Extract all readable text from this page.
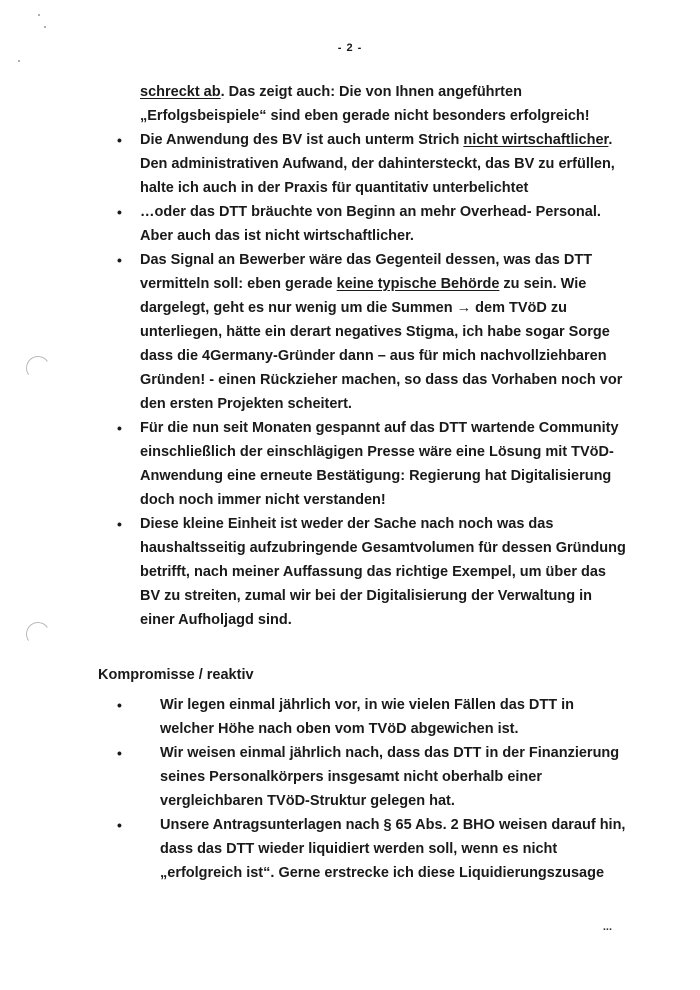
- 2 -
schreckt ab. Das zeigt auch: Die von Ihnen angeführten
„Erfolgsbeispiele“ sind eben gerade nicht besonders erfolgreich!
• Die Anwendung des BV ist auch unterm Strich nicht wirtschaftlicher.
Den administrativen Aufwand, der dahintersteckt, das BV zu erfüllen,
halte ich auch in der Praxis für quantitativ unterbelichtet
• …oder das DTT bräuchte von Beginn an mehr Overhead- Personal.
Aber auch das ist nicht wirtschaftlicher.
• Das Signal an Bewerber wäre das Gegenteil dessen, was das DTT
vermitteln soll: eben gerade keine typische Behörde zu sein. Wie
dargelegt, geht es nur wenig um die Summen → dem TVöD zu
unterliegen, hätte ein derart negatives Stigma, ich habe sogar Sorge
dass die 4Germany-Gründer dann – aus für mich nachvollziehbaren
Gründen! - einen Rückzieher machen, so dass das Vorhaben noch vor
den ersten Projekten scheitert.
• Für die nun seit Monaten gespannt auf das DTT wartende Community
einschließlich der einschlägigen Presse wäre eine Lösung mit TVöD-
Anwendung eine erneute Bestätigung: Regierung hat Digitalisierung
doch noch immer nicht verstanden!
• Diese kleine Einheit ist weder der Sache nach noch was das
haushaltsseitig aufzubringende Gesamtvolumen für dessen Gründung
betrifft, nach meiner Auffassung das richtige Exempel, um über das
BV zu streiten, zumal wir bei der Digitalisierung der Verwaltung in
einer Aufholjagd sind.
•	Wir legen einmal jährlich vor, in wie vielen Fällen das DTT in
welcher Höhe nach oben vom TVöD abgewichen ist.
•	Wir weisen einmal jährlich nach, dass das DTT in der Finanzierung
seines Personalkörpers insgesamt nicht oberhalb einer
vergleichbaren TVöD-Struktur gelegen hat.
•	Unsere Antragsunterlagen nach § 65 Abs. 2 BHO weisen darauf hin,
dass das DTT wieder liquidiert werden soll, wenn es nicht
„erfolgreich ist“. Gerne erstrecke ich diese Liquidierungszusage
Kompromisse / reaktiv
...
